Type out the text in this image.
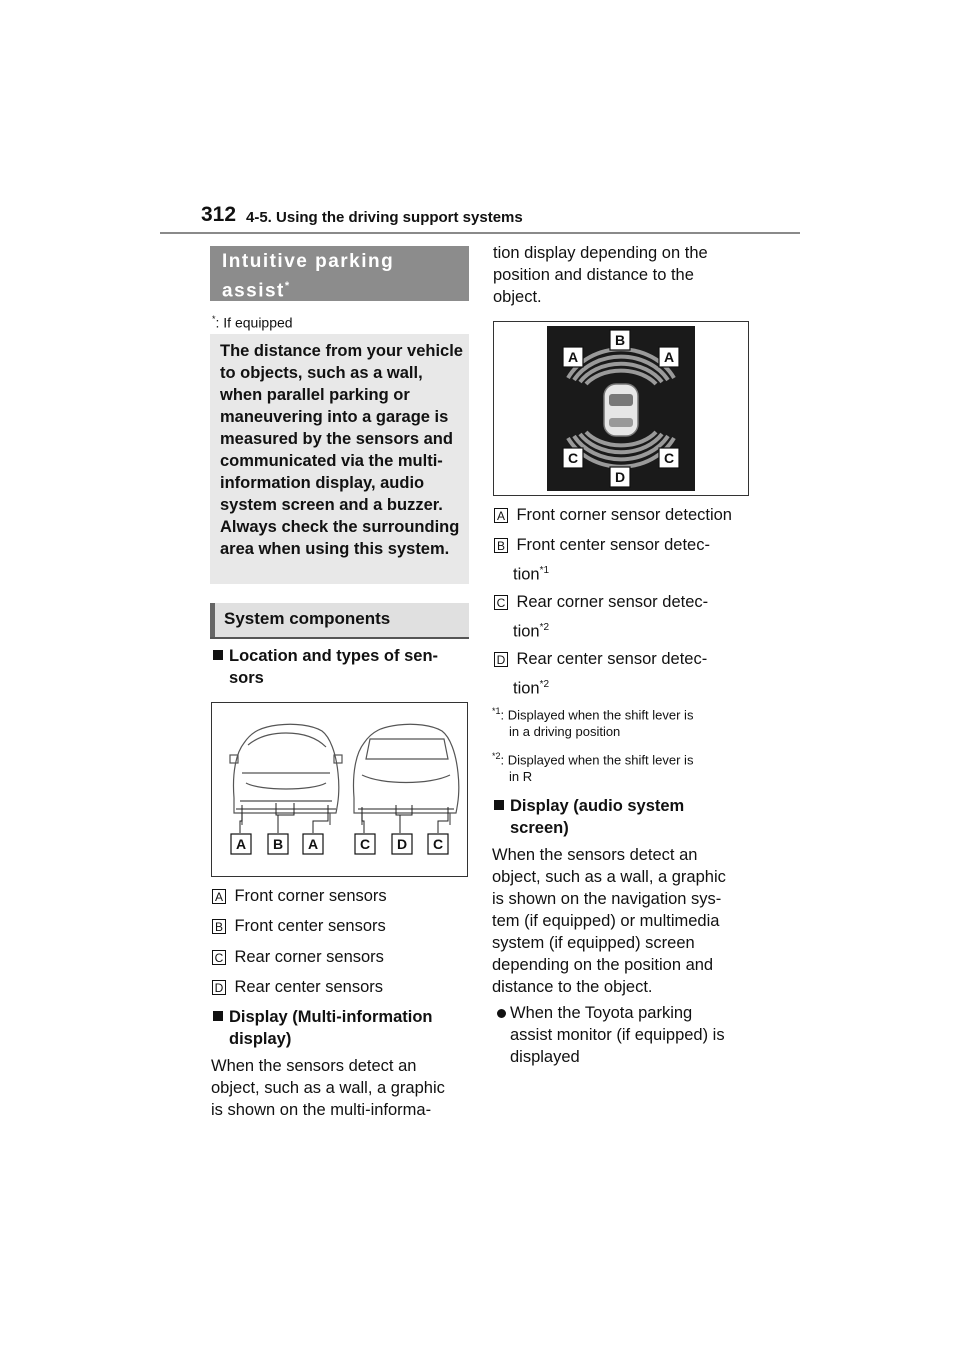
312 4-5. Using the driving support systems
Intuitive parking assist*
*: If equipped
The distance from your vehicle to objects, such as a wall, when parallel parking or maneuvering into a garage is measured by the sensors and communicated via the multi-information display, audio system screen and a buzzer. Always check the surrounding area when using this system.
System components
Location and types of sen-
sors
A B A	C D C
A Front corner sensors
B Front center sensors
C Rear corner sensors
D Rear center sensors
Display (Multi-information
display)
When the sensors detect an
object, such as a wall, a graphic
is shown on the multi-informa-
tion display depending on the
position and distance to the
object.
B
A	A
C	C
D
A Front corner sensor detection
B Front center sensor detec-
tion$^{*1}$
C Rear corner sensor detec-
tion$^{*2}$
D Rear center sensor detec-
tion$^{*2}$
$^{*1}$: Displayed when the shift lever is
in a driving position
$^{*2}$: Displayed when the shift lever is
in R
Display (audio system
screen)
When the sensors detect an
object, such as a wall, a graphic
is shown on the navigation sys-
tem (if equipped) or multimedia
system (if equipped) screen
depending on the position and
distance to the object.
When the Toyota parking
assist monitor (if equipped) is
displayed
